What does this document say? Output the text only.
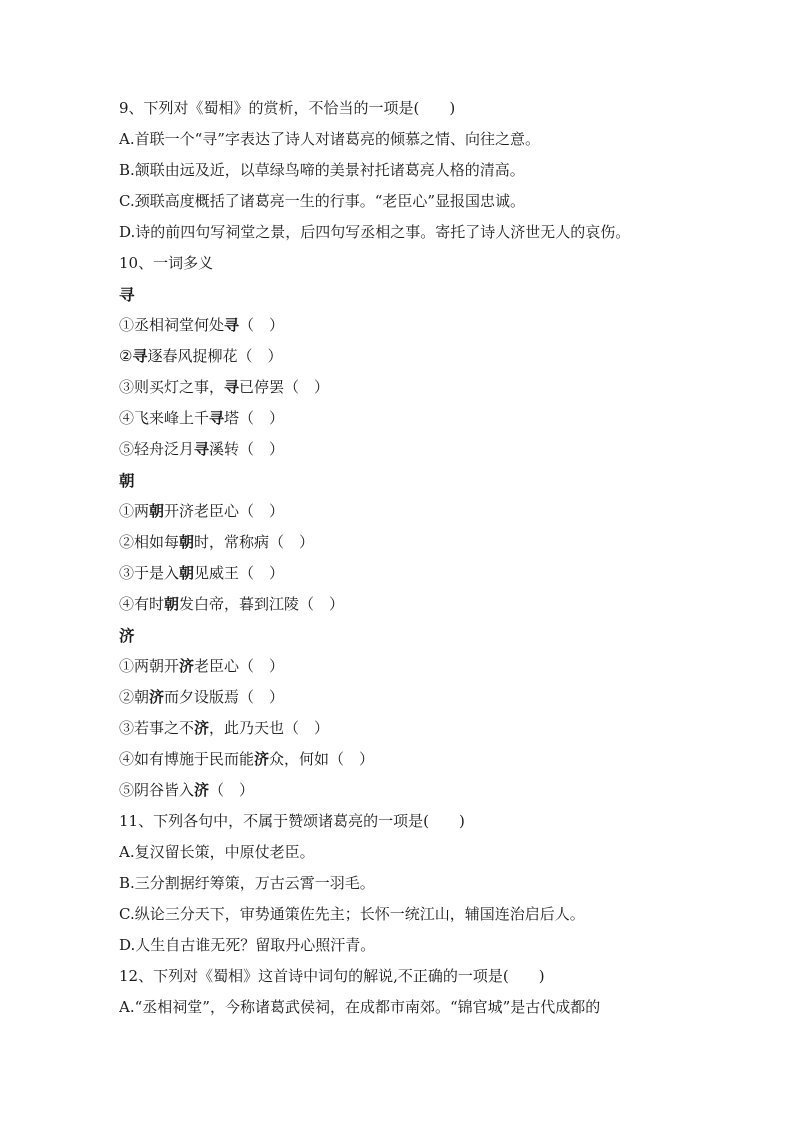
9、下列对《蜀相》的赏析，不恰当的一项是(　　)
A.首联一个“寻”字表达了诗人对诸葛亮的倾慕之情、向往之意。
B.颔联由远及近，以草绿鸟啼的美景衬托诸葛亮人格的清高。
C.颈联高度概括了诸葛亮一生的行事。“老臣心”显报国忠诚。
D.诗的前四句写祠堂之景，后四句写丞相之事。寄托了诗人济世无人的哀伤。
10、一词多义
寻
①丞相祠堂何处寻（　）
②寻逐春风捉柳花（　）
③则买灯之事，寻已停罢（　）
④飞来峰上千寻塔（　）
⑤轻舟泛月寻溪转（　）
朝
①两朝开济老臣心（　）
②相如每朝时，常称病（　）
③于是入朝见威王（　）
④有时朝发白帝，暮到江陵（　）
济
①两朝开济老臣心（　）
②朝济而夕设版焉（　）
③若事之不济，此乃天也（　）
④如有博施于民而能济众，何如（　）
⑤阴谷皆入济（　）
11、下列各句中，不属于赞颂诸葛亮的一项是(　　)
A.复汉留长策，中原仗老臣。
B.三分割据纡筹策，万古云霄一羽毛。
C.纵论三分天下，审势通策佐先主；长怀一统江山，辅国连治启后人。
D.人生自古谁无死？留取丹心照汗青。
12、下列对《蜀相》这首诗中词句的解说,不正确的一项是(　　)
A.“丞相祠堂”，今称诸葛武侯祠，在成都市南郊。“锦官城”是古代成都的
